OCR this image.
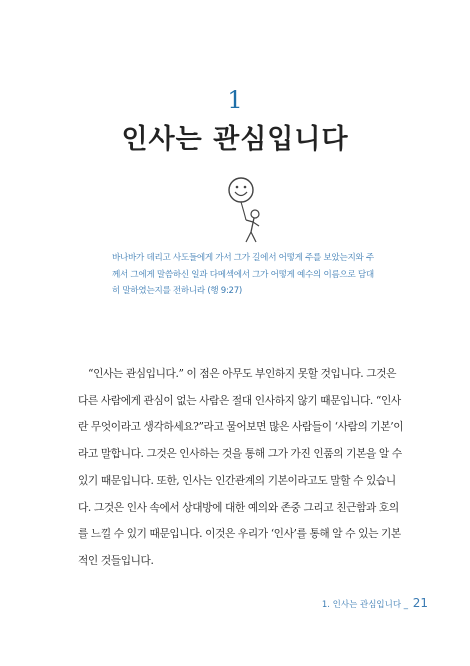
1
인사는 관심입니다
바나바가 데리고 사도들에게 가서 그가 길에서 어떻게 주를 보았는지와 주
께서 그에게 말씀하신 일과 다메섹에서 그가 어떻게 예수의 이름으로 담대
히 말하였는지를 전하니라 (행 9:27)
“인사는 관심입니다.” 이 점은 아무도 부인하지 못할 것입니다. 그것은
다른 사람에게 관심이 없는 사람은 절대 인사하지 않기 때문입니다. “인사
란 무엇이라고 생각하세요?”라고 물어보면 많은 사람들이 ‘사람의 기본’이
라고 말합니다. 그것은 인사하는 것을 통해 그가 가진 인품의 기본을 알 수
있기 때문입니다. 또한, 인사는 인간관계의 기본이라고도 말할 수 있습니
다. 그것은 인사 속에서 상대방에 대한 예의와 존중 그리고 친근함과 호의
를 느낄 수 있기 때문입니다. 이것은 우리가 ‘인사’를 통해 알 수 있는 기본
적인 것들입니다.
1. 인사는 관심입니다 _ 21
